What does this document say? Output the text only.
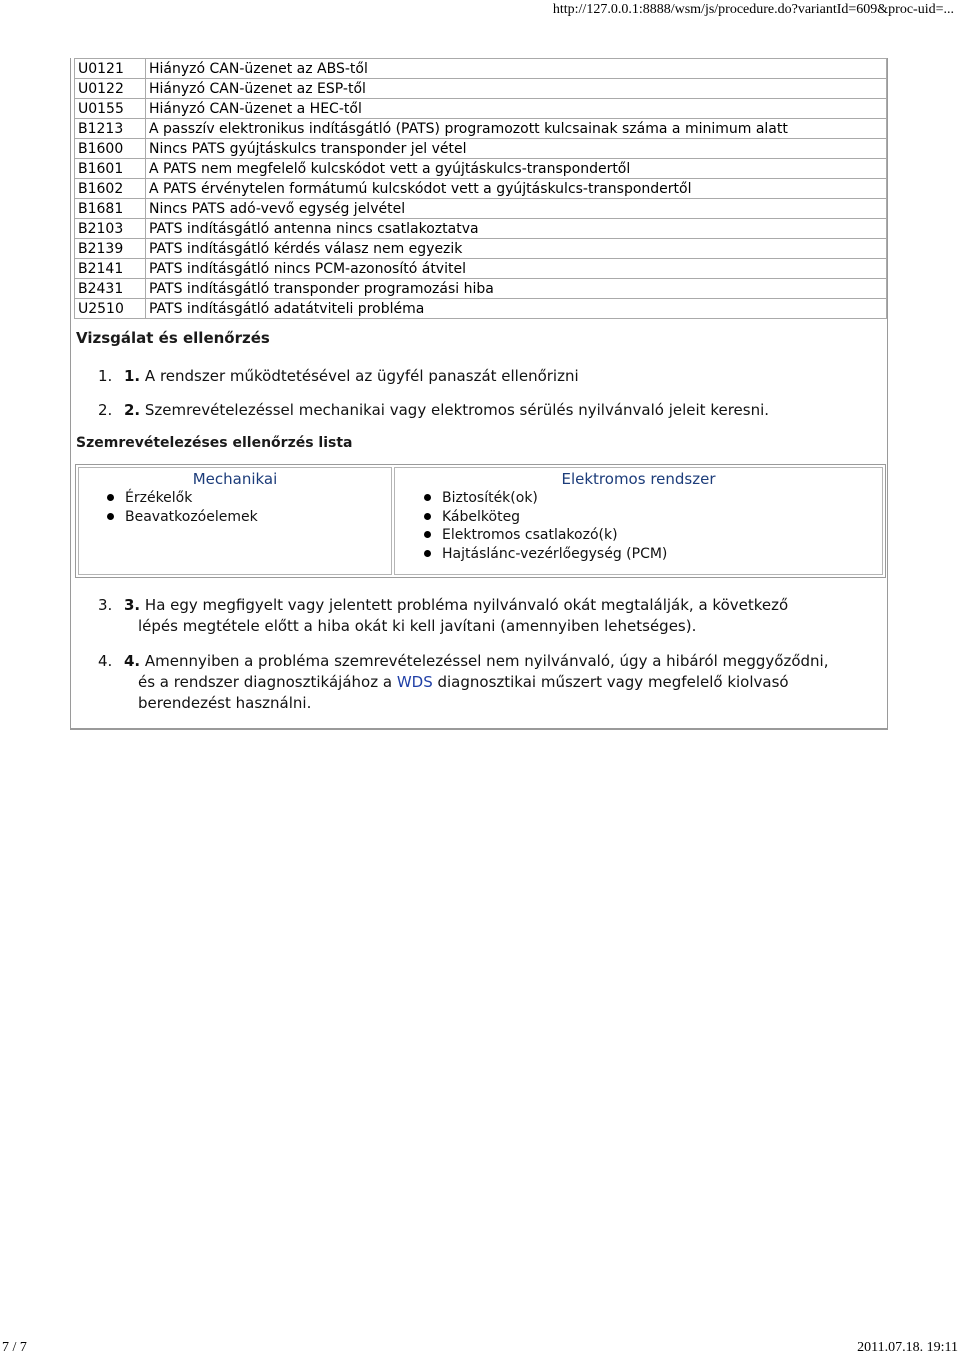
http://127.0.0.1:8888/wsm/js/procedure.do?variantId=609&proc-uid=...
U0121	Hiányzó CAN-üzenet az ABS-től
U0122	Hiányzó CAN-üzenet az ESP-től
U0155	Hiányzó CAN-üzenet a HEC-től
B1213	A passzív elektronikus indításgátló (PATS) programozott kulcsainak száma a minimum alatt
B1600	Nincs PATS gyújtáskulcs transponder jel vétel
B1601	A PATS nem megfelelő kulcskódot vett a gyújtáskulcs-transpondertől
B1602	A PATS érvénytelen formátumú kulcskódot vett a gyújtáskulcs-transpondertől
B1681	Nincs PATS adó-vevő egység jelvétel
B2103	PATS indításgátló antenna nincs csatlakoztatva
B2139	PATS indításgátló kérdés válasz nem egyezik
B2141	PATS indításgátló nincs PCM-azonosító átvitel
B2431	PATS indításgátló transponder programozási hiba
U2510	PATS indításgátló adatátviteli probléma
Vizsgálat és ellenőrzés
1. 1. A rendszer működtetésével az ügyfél panaszát ellenőrizni
2. 2. Szemrevételezéssel mechanikai vagy elektromos sérülés nyilvánvaló jeleit keresni.
Szemrevételezéses ellenőrzés lista
Mechanikai
Érzékelők
Beavatkozóelemek
Elektromos rendszer
Biztosíték(ok)
Kábelköteg
Elektromos csatlakozó(k)
Hajtáslánc-vezérlőegység (PCM)
3. 3. Ha egy megfigyelt vagy jelentett probléma nyilvánvaló okát megtalálják, a következő
lépés megtétele előtt a hiba okát ki kell javítani (amennyiben lehetséges).
4. 4. Amennyiben a probléma szemrevételezéssel nem nyilvánvaló, úgy a hibáról meggyőződni,
és a rendszer diagnosztikájához a WDS diagnosztikai műszert vagy megfelelő kiolvasó
berendezést használni.
7 / 7	2011.07.18. 19:11
